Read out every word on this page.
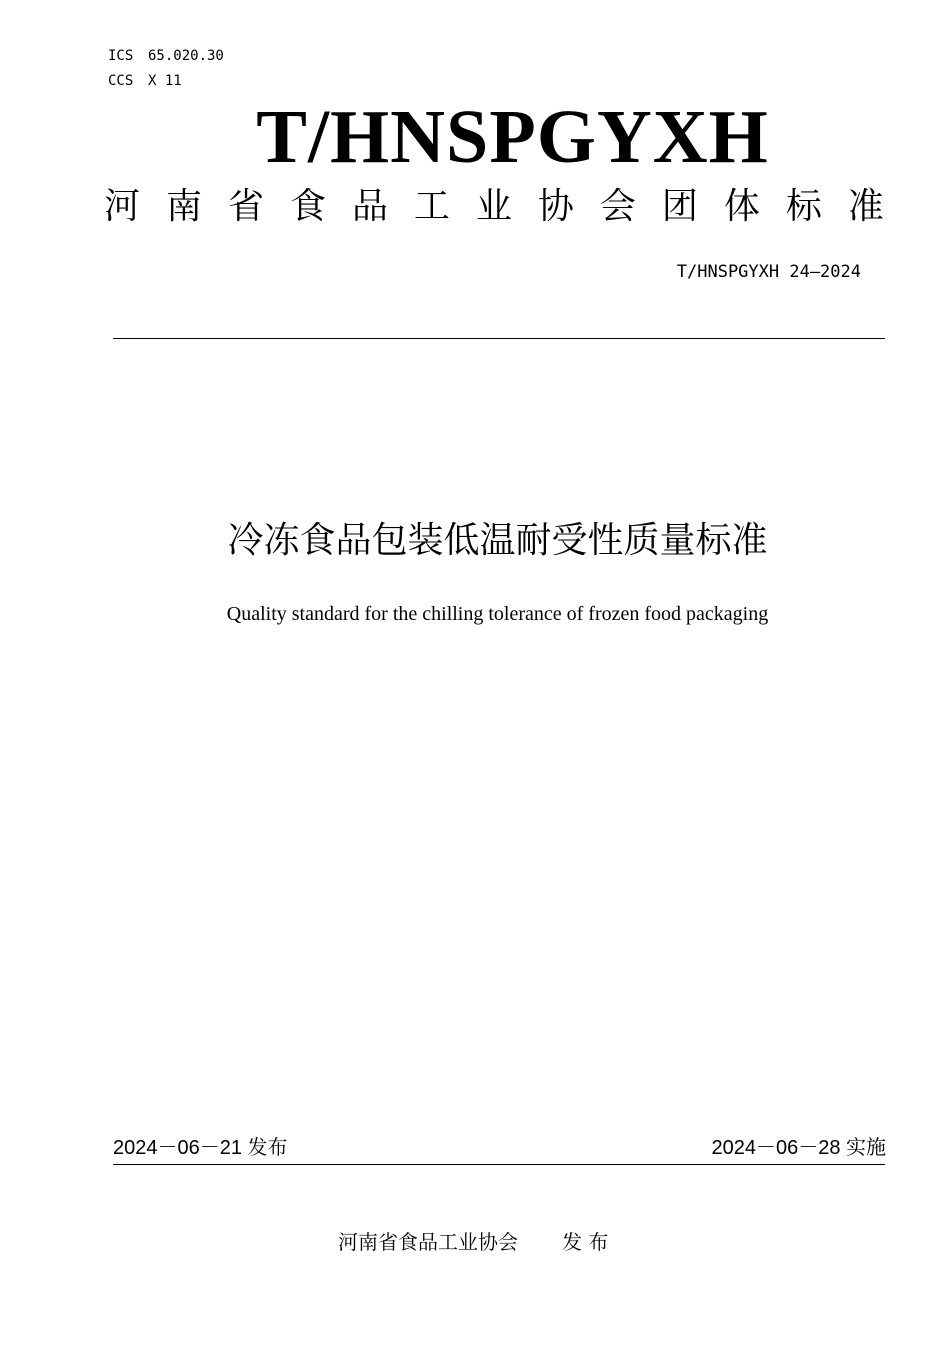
ICS 65.020.30
CCS X 11
T/HNSPGYXH
河 南 省 食 品 工 业 协 会 团 体 标 准
T/HNSPGYXH 24—2024
冷冻食品包装低温耐受性质量标准
Quality standard for the chilling tolerance of frozen food packaging
2024－06－21 发布	2024－06－28 实施
河南省食品工业协会 发 布
